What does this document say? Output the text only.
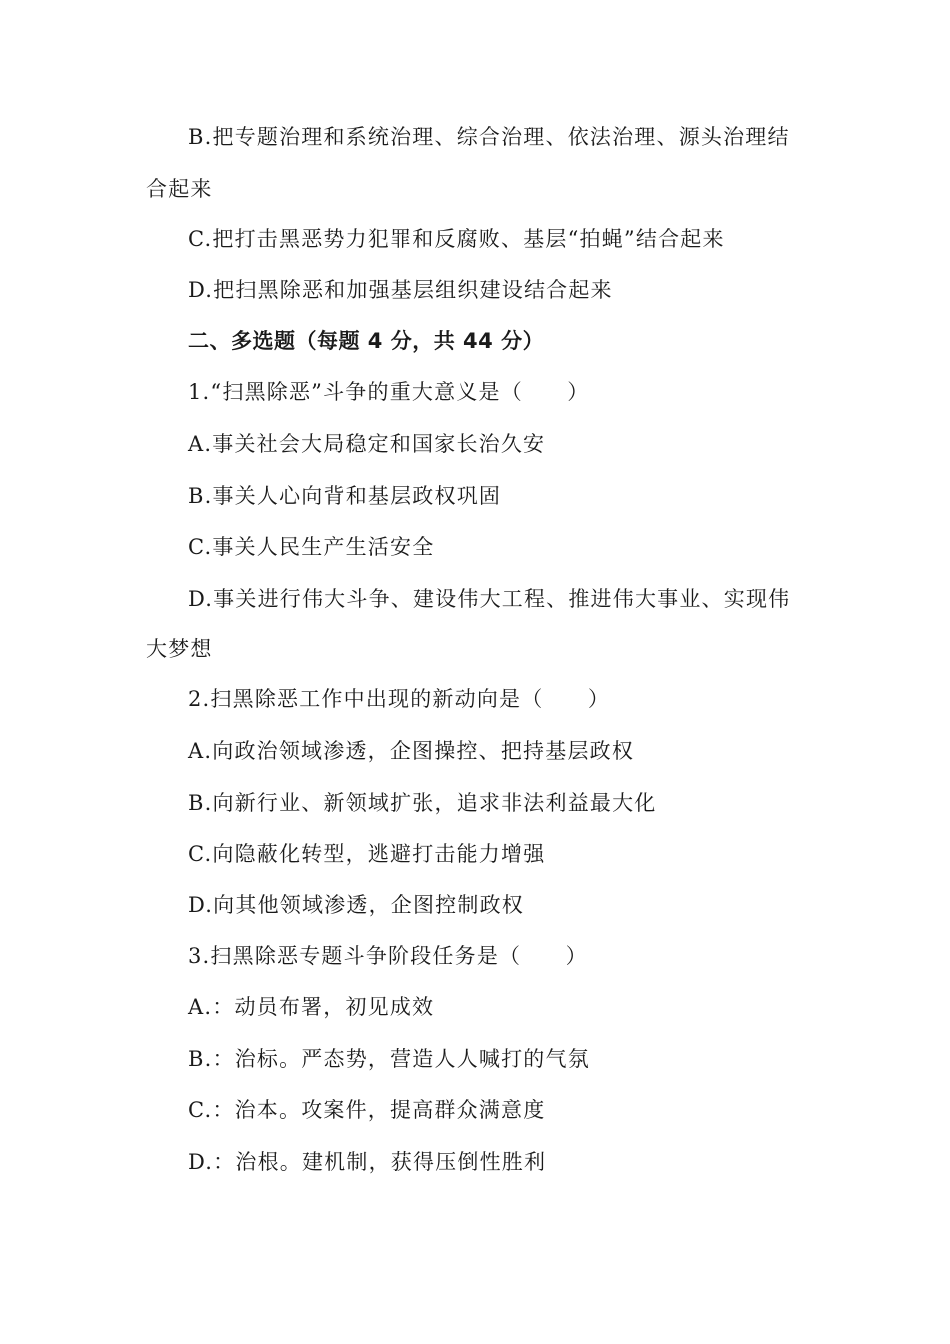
B.把专题治理和系统治理、综合治理、依法治理、源头治理结
合起来
C.把打击黑恶势力犯罪和反腐败、基层“拍蝇”结合起来
D.把扫黑除恶和加强基层组织建设结合起来
二、多选题（每题 4 分，共 44 分）
1.“扫黑除恶”斗争的重大意义是（　　）
A.事关社会大局稳定和国家长治久安
B.事关人心向背和基层政权巩固
C.事关人民生产生活安全
D.事关进行伟大斗争、建设伟大工程、推进伟大事业、实现伟
大梦想
2.扫黑除恶工作中出现的新动向是（　　）
A.向政治领域渗透，企图操控、把持基层政权
B.向新行业、新领域扩张，追求非法利益最大化
C.向隐蔽化转型，逃避打击能力增强
D.向其他领域渗透，企图控制政权
3.扫黑除恶专题斗争阶段任务是（　　）
A.：动员布署，初见成效
B.：治标。严态势，营造人人喊打的气氛
C.：治本。攻案件，提高群众满意度
D.：治根。建机制，获得压倒性胜利
